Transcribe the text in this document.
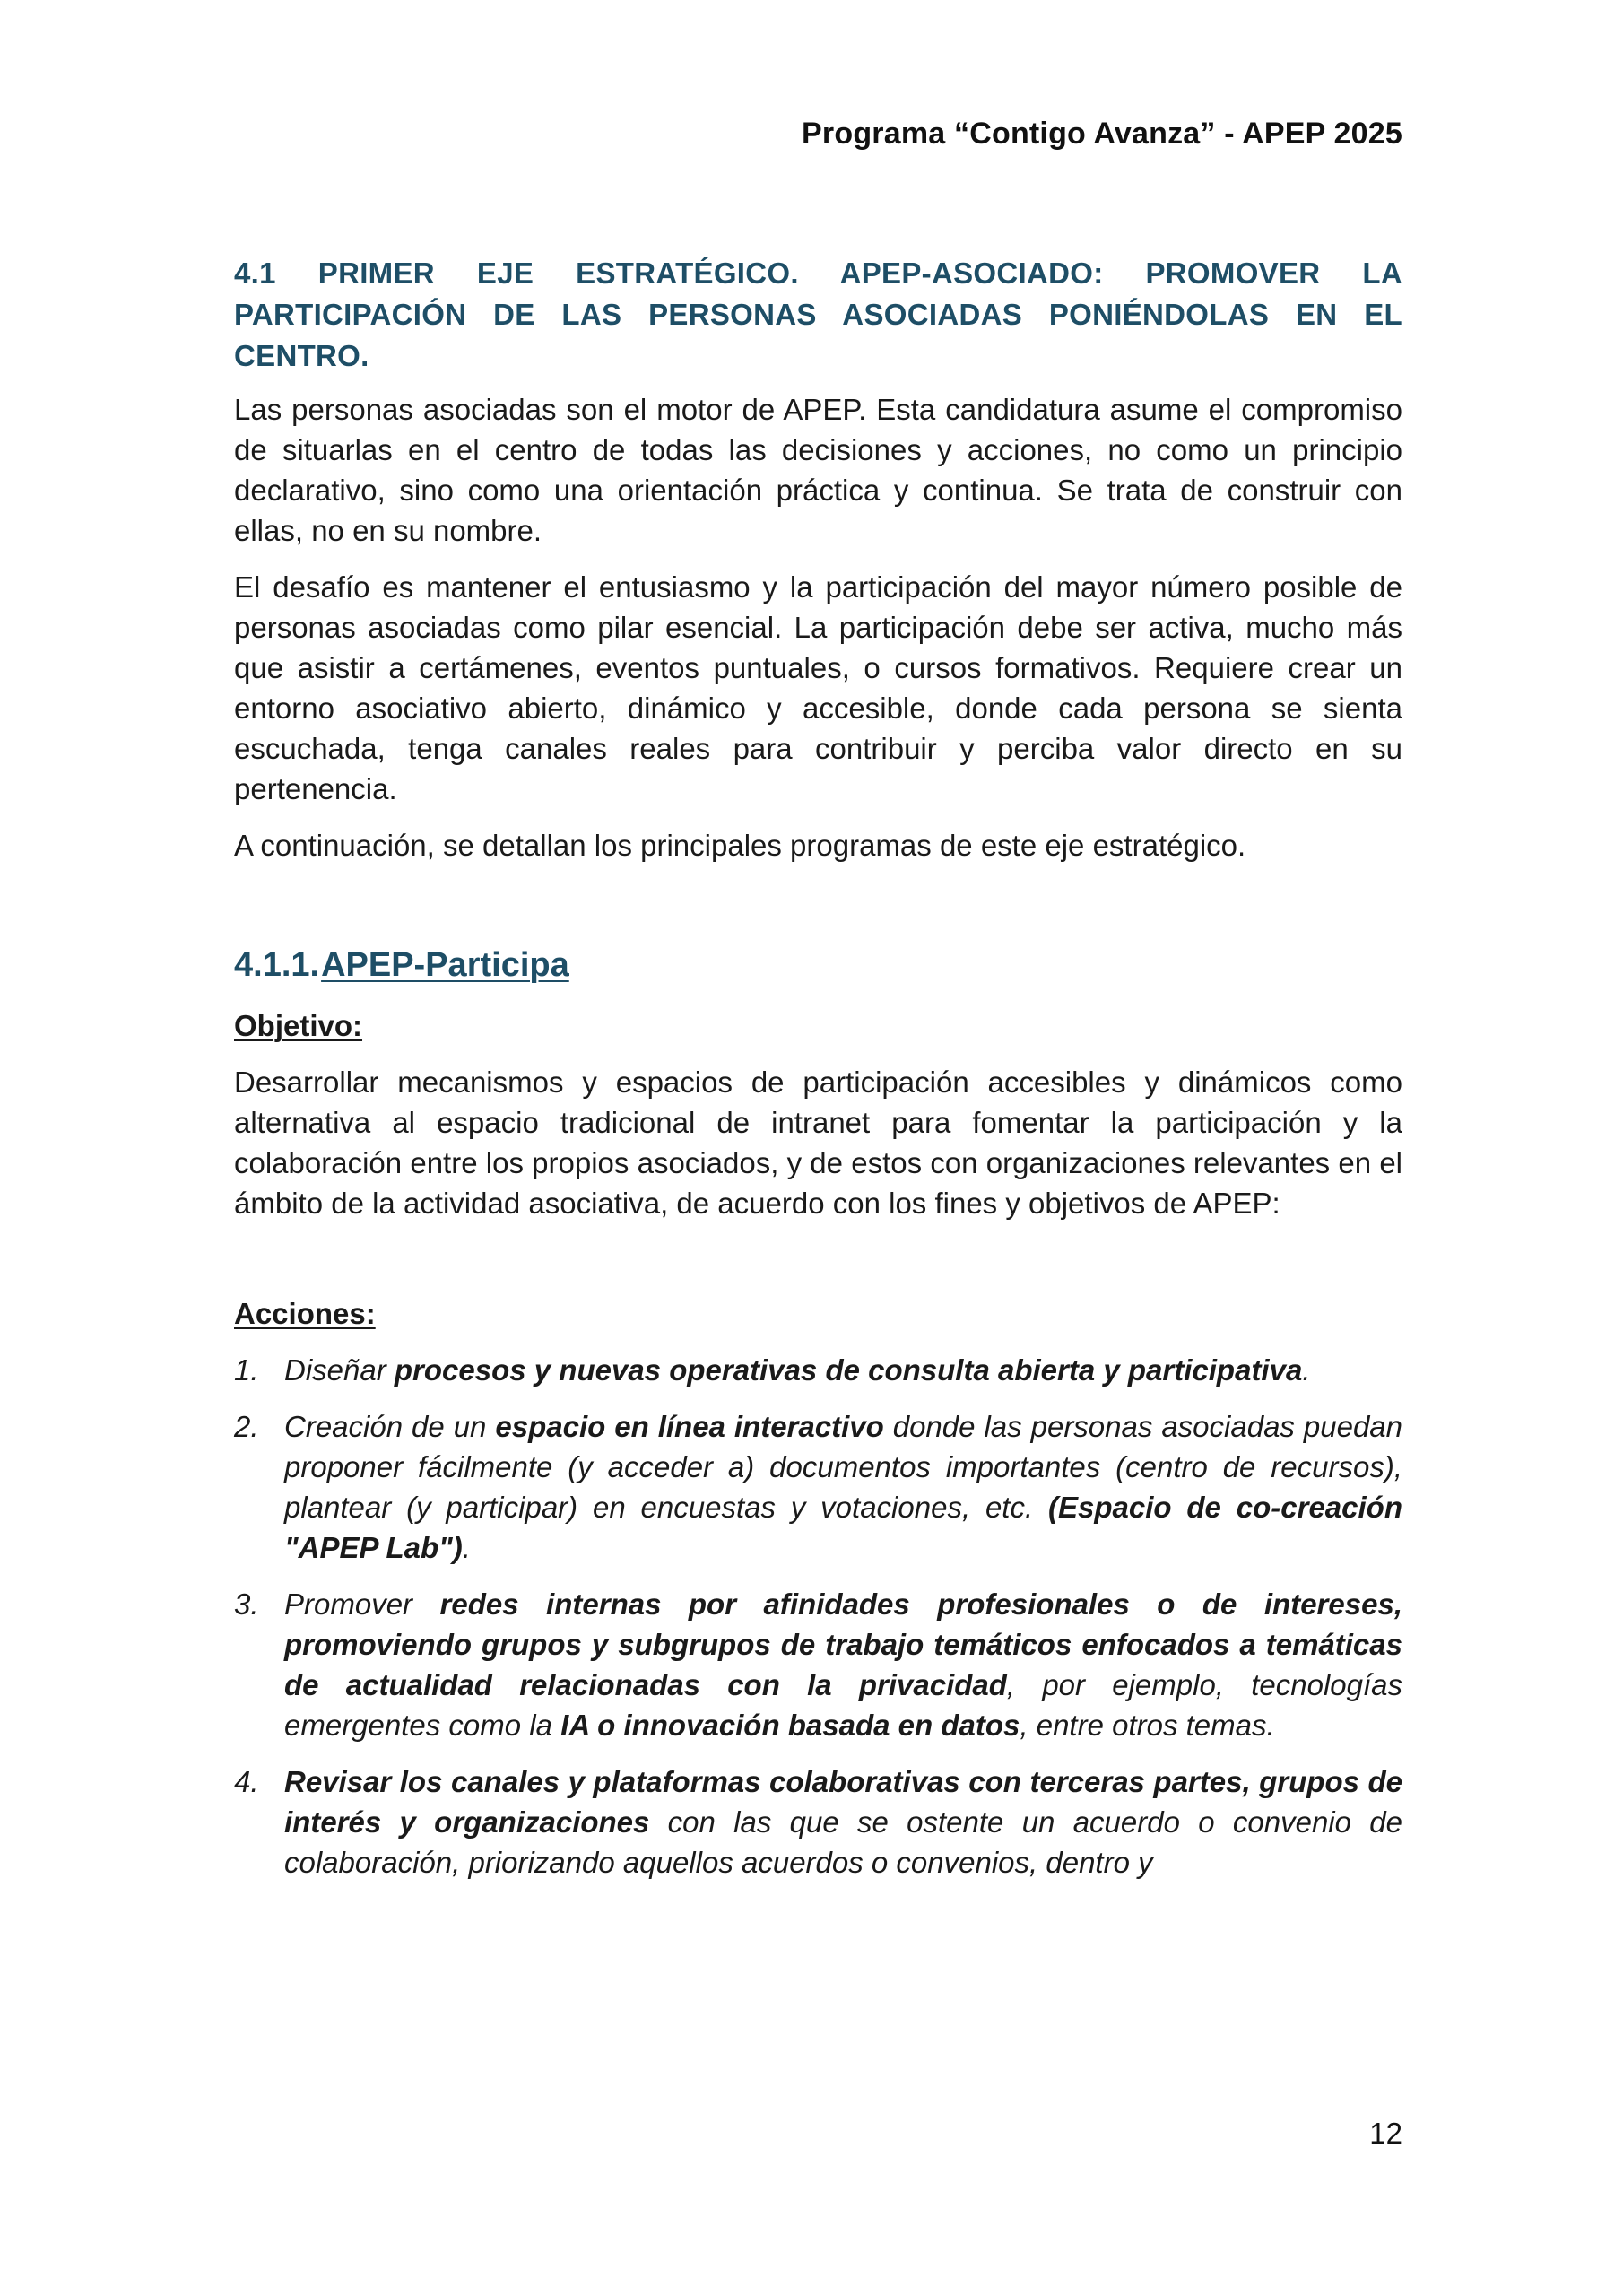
Programa “Contigo Avanza” - APEP 2025
4.1 PRIMER EJE ESTRATÉGICO. APEP-ASOCIADO: PROMOVER LA PARTICIPACIÓN DE LAS PERSONAS ASOCIADAS PONIÉNDOLAS EN EL CENTRO.

Las personas asociadas son el motor de APEP. Esta candidatura asume el compromiso de situarlas en el centro de todas las decisiones y acciones, no como un principio declarativo, sino como una orientación práctica y continua. Se trata de construir con ellas, no en su nombre.

El desafío es mantener el entusiasmo y la participación del mayor número posible de personas asociadas como pilar esencial. La participación debe ser activa, mucho más que asistir a certámenes, eventos puntuales, o cursos formativos. Requiere crear un entorno asociativo abierto, dinámico y accesible, donde cada persona se sienta escuchada, tenga canales reales para contribuir y perciba valor directo en su pertenencia.

A continuación, se detallan los principales programas de este eje estratégico.

4.1.1.APEP-Participa
Objetivo:

Desarrollar mecanismos y espacios de participación accesibles y dinámicos como alternativa al espacio tradicional de intranet para fomentar la participación y la colaboración entre los propios asociados, y de estos con organizaciones relevantes en el ámbito de la actividad asociativa, de acuerdo con los fines y objetivos de APEP:

Acciones:
1. Diseñar procesos y nuevas operativas de consulta abierta y participativa.
2. Creación de un espacio en línea interactivo donde las personas asociadas puedan proponer fácilmente (y acceder a) documentos importantes (centro de recursos), plantear (y participar) en encuestas y votaciones, etc. (Espacio de co-creación "APEP Lab").
3. Promover redes internas por afinidades profesionales o de intereses, promoviendo grupos y subgrupos de trabajo temáticos enfocados a temáticas de actualidad relacionadas con la privacidad, por ejemplo, tecnologías emergentes como la IA o innovación basada en datos, entre otros temas.
4. Revisar los canales y plataformas colaborativas con terceras partes, grupos de interés y organizaciones con las que se ostente un acuerdo o convenio de colaboración, priorizando aquellos acuerdos o convenios, dentro y
12
